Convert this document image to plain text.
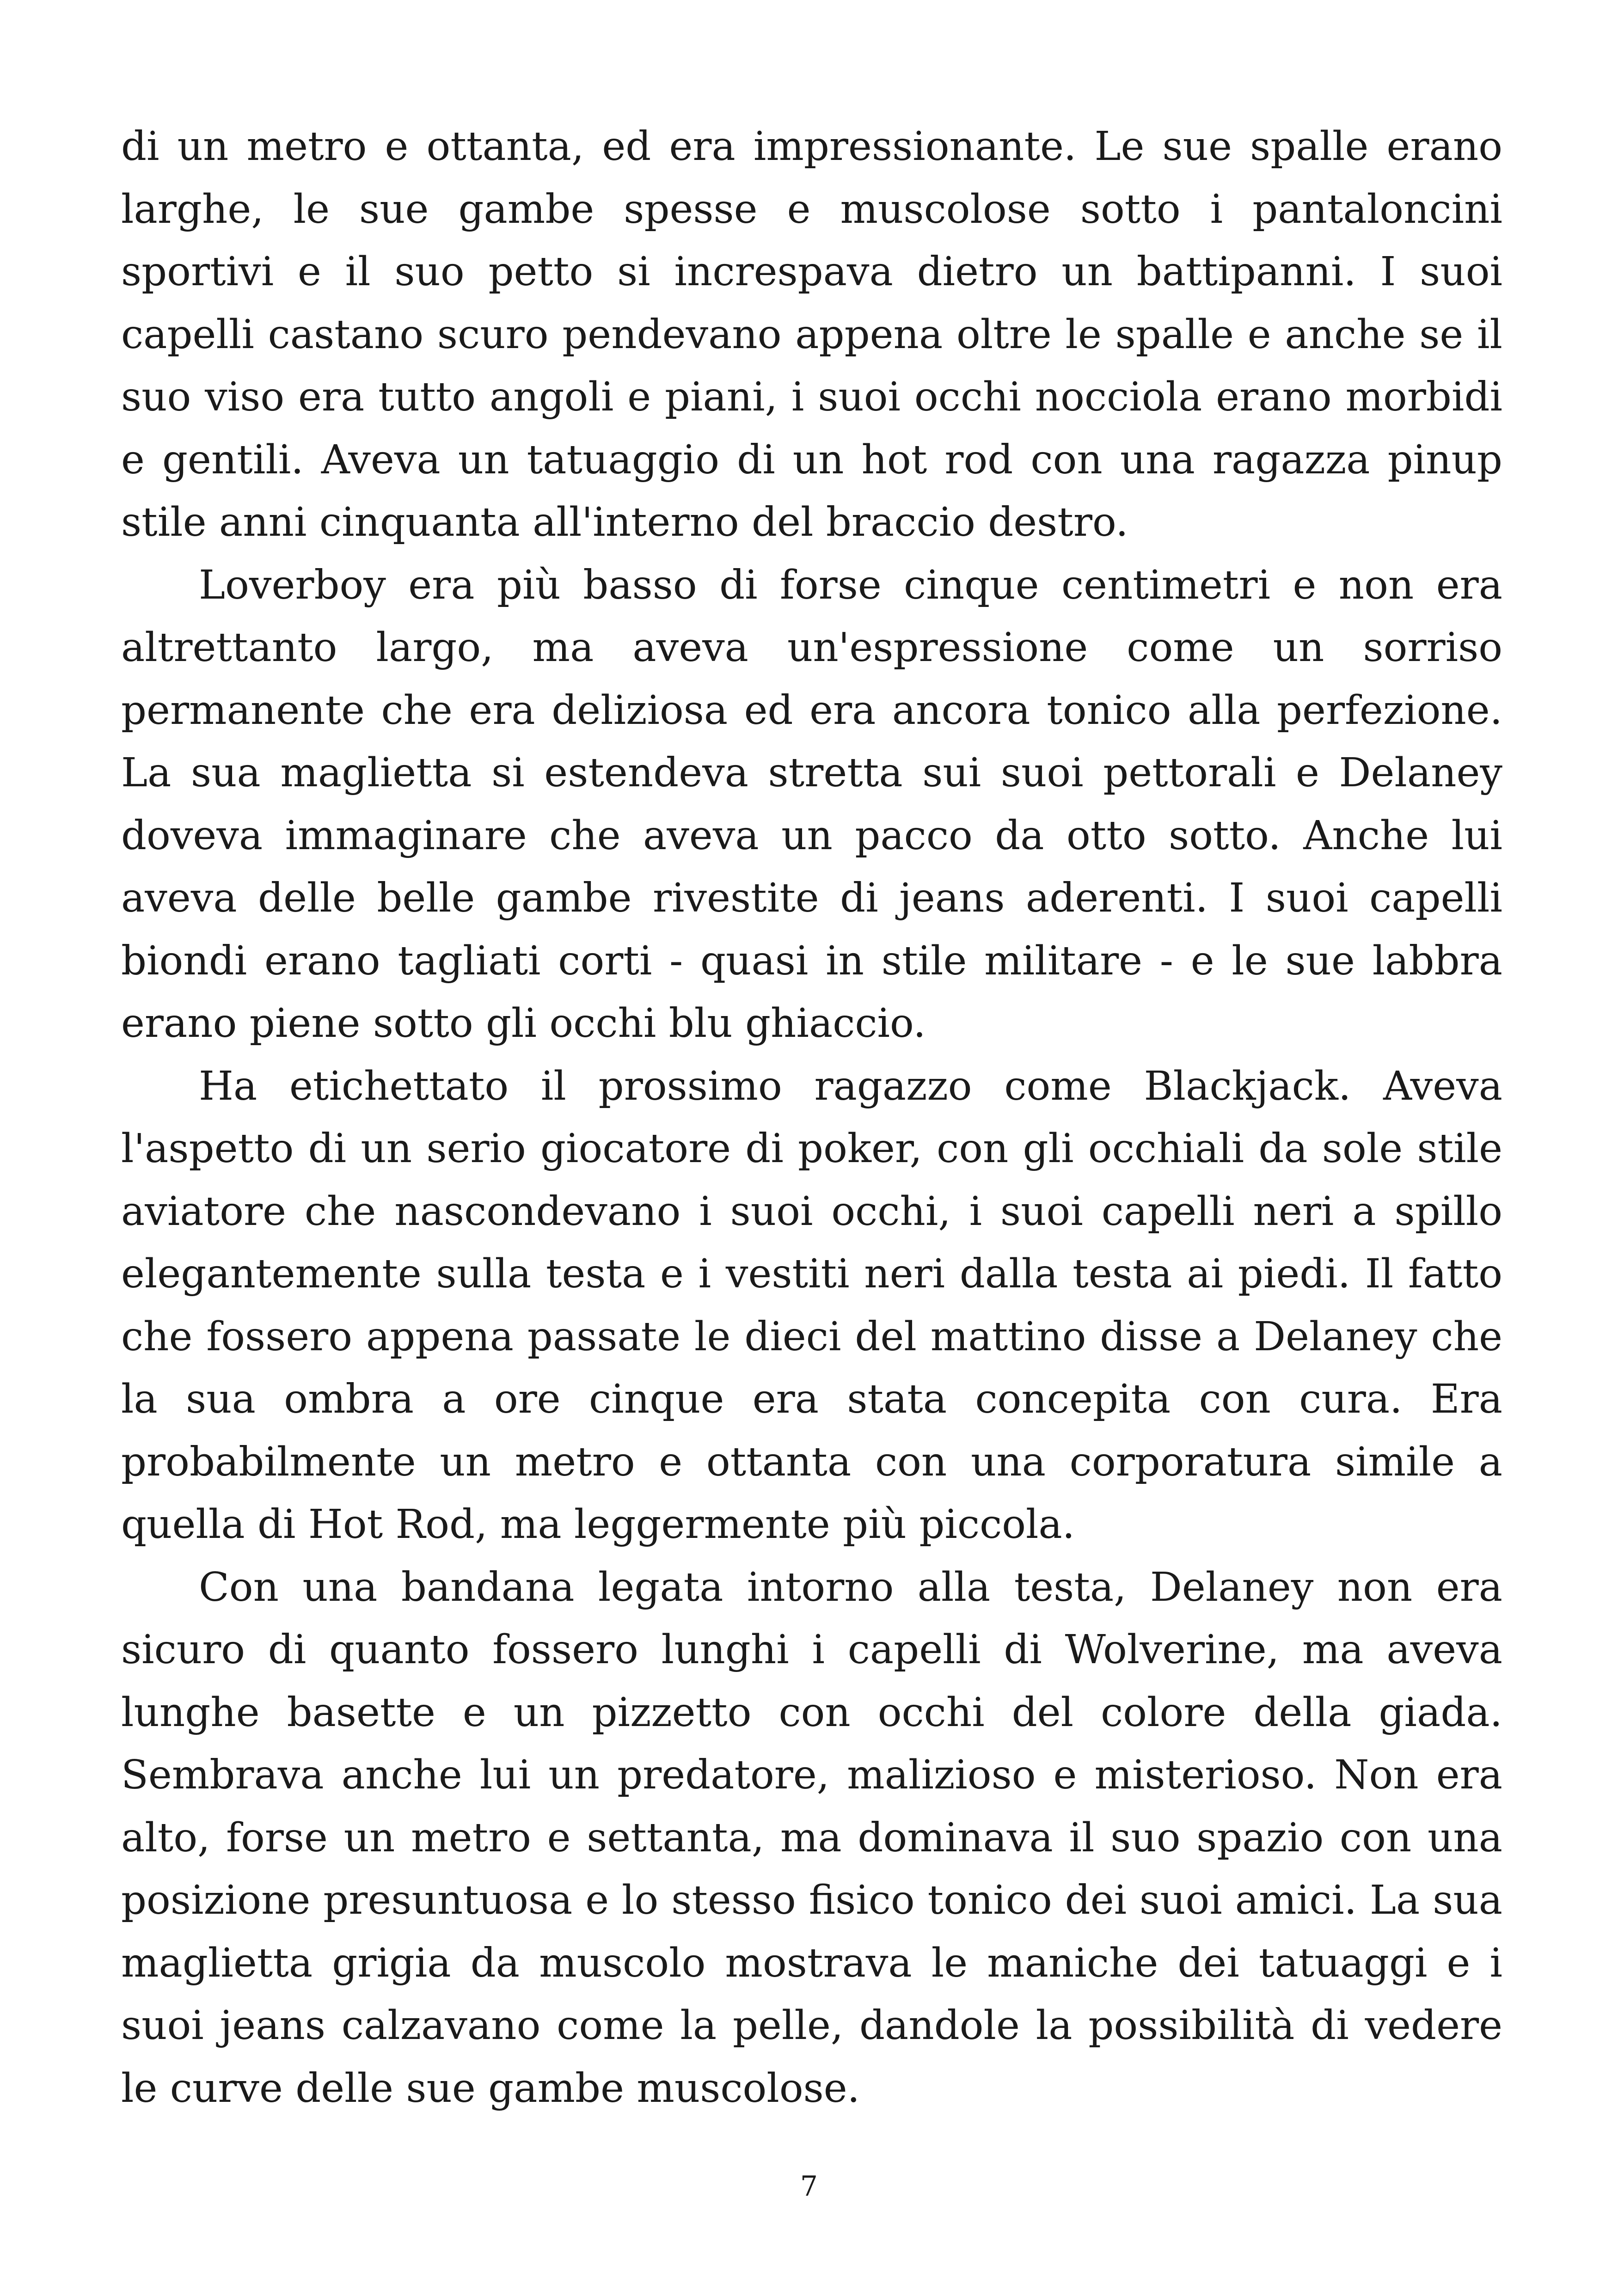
di un metro e ottanta, ed era impressionante. Le sue spalle erano larghe, le sue gambe spesse e muscolose sotto i pantaloncini sportivi e il suo petto si increspava dietro un battipanni. I suoi capelli castano scuro pendevano appena oltre le spalle e anche se il suo viso era tutto angoli e piani, i suoi occhi nocciola erano morbidi e gentili. Aveva un tatuaggio di un hot rod con una ragazza pinup stile anni cinquanta all'interno del braccio destro.

Loverboy era più basso di forse cinque centimetri e non era altrettanto largo, ma aveva un'espressione come un sorriso permanente che era deliziosa ed era ancora tonico alla perfezione. La sua maglietta si estendeva stretta sui suoi pettorali e Delaney doveva immaginare che aveva un pacco da otto sotto. Anche lui aveva delle belle gambe rivestite di jeans aderenti. I suoi capelli biondi erano tagliati corti - quasi in stile militare - e le sue labbra erano piene sotto gli occhi blu ghiaccio.

Ha etichettato il prossimo ragazzo come Blackjack. Aveva l'aspetto di un serio giocatore di poker, con gli occhiali da sole stile aviatore che nascondevano i suoi occhi, i suoi capelli neri a spillo elegantemente sulla testa e i vestiti neri dalla testa ai piedi. Il fatto che fossero appena passate le dieci del mattino disse a Delaney che la sua ombra a ore cinque era stata concepita con cura. Era probabilmente un metro e ottanta con una corporatura simile a quella di Hot Rod, ma leggermente più piccola.

Con una bandana legata intorno alla testa, Delaney non era sicuro di quanto fossero lunghi i capelli di Wolverine, ma aveva lunghe basette e un pizzetto con occhi del colore della giada. Sembrava anche lui un predatore, malizioso e misterioso. Non era alto, forse un metro e settanta, ma dominava il suo spazio con una posizione presuntuosa e lo stesso fisico tonico dei suoi amici. La sua maglietta grigia da muscolo mostrava le maniche dei tatuaggi e i suoi jeans calzavano come la pelle, dandole la possibilità di vedere le curve delle sue gambe muscolose.

7
